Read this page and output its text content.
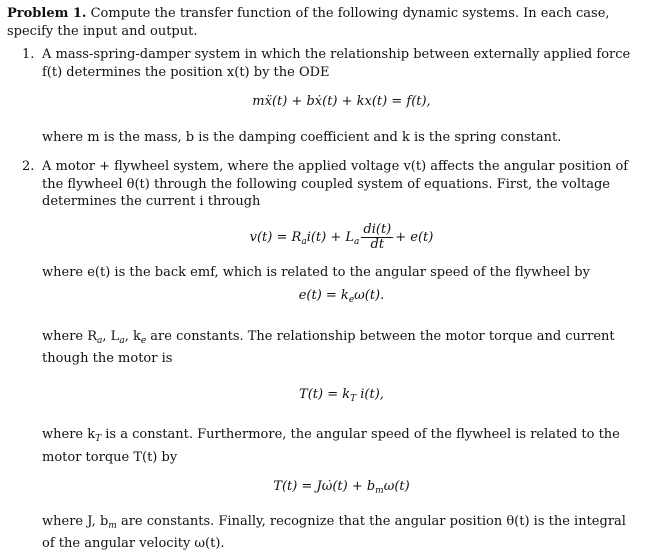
Problem 1. Compute the transfer function of the following dynamic systems. In each case, specify the input and output.

1. A mass-spring-damper system in which the relationship between externally applied force f(t) determines the position x(t) by the ODE

mẍ(t) + bẋ(t) + kx(t) = f(t),

where m is the mass, b is the damping coefficient and k is the spring constant.

2. A motor + flywheel system, where the applied voltage v(t) affects the angular position of the flywheel θ(t) through the following coupled system of equations. First, the voltage determines the current i through

$v(t) = R_ai(t) + L_a \frac{di(t)}{dt} + e(t)$

where e(t) is the back emf, which is related to the angular speed of the flywheel by

$e(t) = k_e\omega(t)$.

where $R_a$, $L_a$, $k_e$ are constants. The relationship between the motor torque and current though the motor is

$T(t) = k_T$ i(t),

where $k_T$ is a constant. Furthermore, the angular speed of the flywheel is related to the motor torque T(t) by

T(t) = Jω̇(t) + $b_m\omega(t)$

where J, $b_m$ are constants. Finally, recognize that the angular position θ(t) is the integral of the angular velocity ω(t).
